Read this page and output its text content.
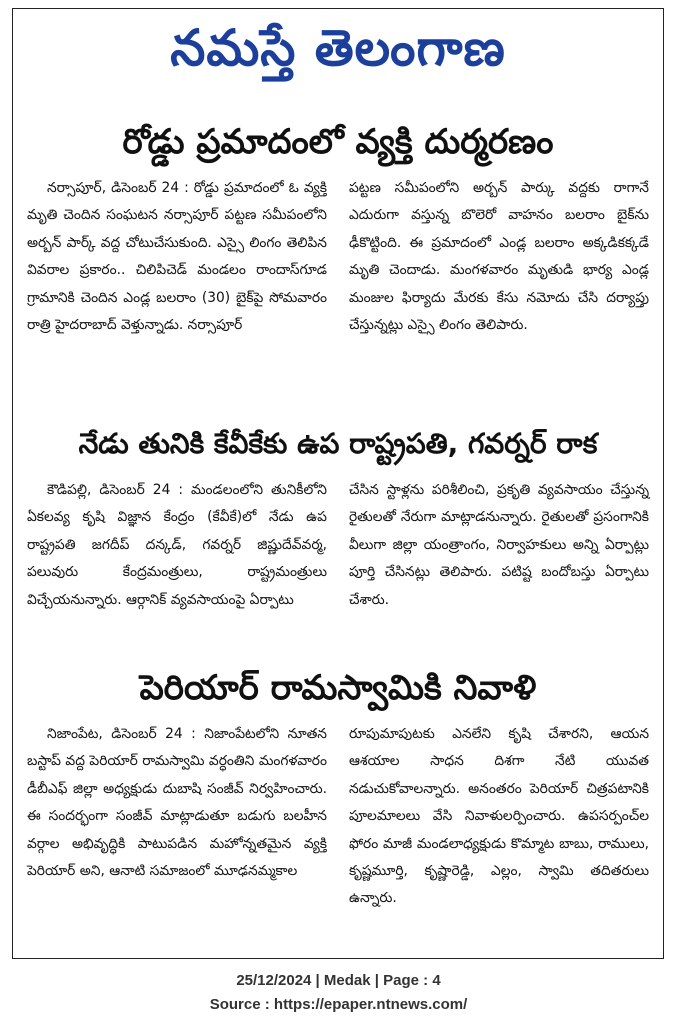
నమస్తే తెలంగాణ
రోడ్డు ప్రమాదంలో వ్యక్తి దుర్మరణం

నర్సాపూర్, డిసెంబర్ 24 : రోడ్డు ప్రమాదంలో ఓ వ్యక్తి మృతి చెందిన సంఘటన నర్సాపూర్ పట్టణ సమీపంలోని అర్బన్ పార్క్ వద్ద చోటుచేసుకుంది. ఎస్సై లింగం తెలిపిన వివరాల ప్రకారం.. చిలిపిచెడ్ మండలం రాందాస్‌గూడ గ్రామానికి చెందిన ఎండ్ల బలరాం (30) బైక్‌పై సోమవారం రాత్రి హైదరాబాద్ వెళ్తున్నాడు. నర్సాపూర్

పట్టణ సమీపంలోని అర్బన్ పార్కు వద్దకు రాగానే ఎదురుగా వస్తున్న బొలెరో వాహనం బలరాం బైక్‌ను ఢీకొట్టింది. ఈ ప్రమాదంలో ఎండ్ల బలరాం అక్కడికక్కడే మృతి చెందాడు. మంగళవారం మృతుడి భార్య ఎండ్ల మంజుల ఫిర్యాదు మేరకు కేసు నమోదు చేసి దర్యాప్తు చేస్తున్నట్లు ఎస్సై లింగం తెలిపారు.

నేడు తునికి కేవీకేకు ఉప రాష్ట్రపతి, గవర్నర్ రాక

కౌడిపల్లి, డిసెంబర్ 24 : మండలంలోని తునికీలోని ఏకలవ్య కృషి విజ్ఞాన కేంద్రం (కేవీకే)లో నేడు ఉప రాష్ట్రపతి జగదీప్ దన్కడ్, గవర్నర్ జిష్ణుదేవ్‌వర్మ, పలువురు కేంద్రమంత్రులు, రాష్ట్రమంత్రులు విచ్చేయనున్నారు. ఆర్గానిక్ వ్యవసాయంపై ఏర్పాటు

చేసిన స్టాళ్లను పరిశీలించి, ప్రకృతి వ్యవసాయం చేస్తున్న రైతులతో నేరుగా మాట్లాడనున్నారు. రైతులతో ప్రసంగానికి వీలుగా జిల్లా యంత్రాంగం, నిర్వాహకులు అన్ని ఏర్పాట్లు పూర్తి చేసినట్లు తెలిపారు. పటిష్ట బందోబస్తు ఏర్పాటు చేశారు.

పెరియార్ రామస్వామికి నివాళి

నిజాంపేట, డిసెంబర్ 24 : నిజాంపేటలోని నూతన బస్టాప్ వద్ద పెరియార్ రామస్వామి వర్ధంతిని మంగళవారం డీబీఎఫ్ జిల్లా అధ్యక్షుడు దుబాషి సంజీవ్ నిర్వహించారు. ఈ సందర్భంగా సంజీవ్ మాట్లాడుతూ బడుగు బలహీన వర్గాల అభివృద్ధికి పాటుపడిన మహోన్నతమైన వ్యక్తి పెరియార్ అని, ఆనాటి సమాజంలో మూఢనమ్మకాల

రూపుమాపుటకు ఎనలేని కృషి చేశారని, ఆయన ఆశయాల సాధన దిశగా నేటి యువత నడుచుకోవాలన్నారు. అనంతరం పెరియార్ చిత్రపటానికి పూలమాలలు వేసి నివాళులర్పించారు. ఉపసర్పంచ్‌ల ఫోరం మాజీ మండలాధ్యక్షుడు కొమ్మాట బాబు, రాములు, కృష్ణమూర్తి, కృష్ణారెడ్డి, ఎల్లం, స్వామి తదితరులు ఉన్నారు.

25/12/2024 | Medak | Page : 4
Source : https://epaper.ntnews.com/
